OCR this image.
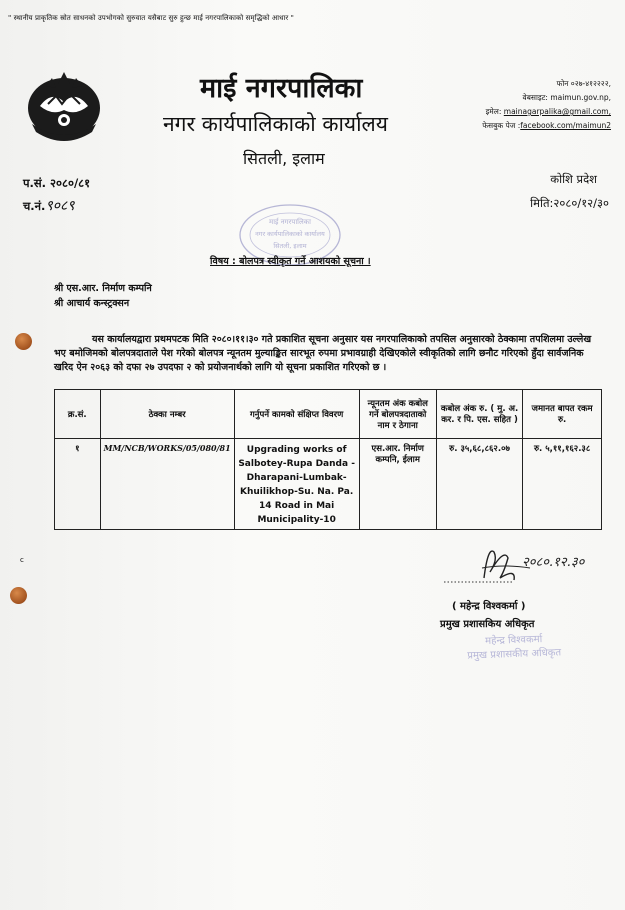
" स्थानीय प्राकृतिक स्रोत साधनको उपभोगको सुरुवात यसैबाट सुरु हुन्छ माई नगरपालिकाको समृद्धिको आधार "
माई नगरपालिका
नगर कार्यपालिकाको कार्यालय
सितली, इलाम
फोन ०२७-४१२२२२,
वेबसाइट: maimun.gov.np,
इमेल: mainagarpalika@gmail.com,
फेसबुक पेज :facebook.com/maimun2
प.सं. २०८०/८१
च.नं.९०८९
कोशि प्रदेश
मिति:२०८०/१२/३०
माई नगरपालिका
नगर कार्यपालिकाको कार्यालय
सितली, इलाम
विषय : बोलपत्र स्वीकृत गर्ने आशयको सूचना ।
श्री एस.आर. निर्माण कम्पनि
श्री आचार्य कन्स्ट्रक्सन
यस कार्यालयद्वारा प्रथमपटक मिति २०८०।११।३० गते प्रकाशित सूचना अनुसार यस नगरपालिकाको तपसिल अनुसारको ठेक्कामा तपशिलमा उल्लेख भए बमोजिमको बोलपत्रदाताले पेश गरेको बोलपत्र न्यूनतम मुल्याङ्कित सारभूत रुपमा प्रभावग्राही देखिएकोले स्वीकृतिको लागि छनौट गरिएको हुँदा सार्वजनिक खरिद ऐन २०६३ को दफा २७ उपदफा २ को प्रयोजनार्थको लागि यो सूचना प्रकाशित गरिएको छ ।
क्र.सं.	ठेक्का नम्बर	गर्नुपर्ने कामको संक्षिप्त विवरण	न्यूनतम अंक कबोल गर्ने बोलपत्रदाताको नाम र ठेगाना	कबोल अंक रु. ( मु. अ. कर. र पि. एस. सहित )	जमानत बापत रकम रु.
१	MM/NCB/WORKS/05/080/81	Upgrading works of Salbotey-Rupa Danda - Dharapani-Lumbak-Khuilikhop-Su. Na. Pa. 14 Road in Mai Municipality-10	एस.आर. निर्माण कम्पनि, ईलाम	रु. ३५,६८,८६२.०७	रु. ५,११,१६२.३८
c	२०८०.१२.३०
( महेन्द्र विश्वकर्मा )
प्रमुख प्रशासकिय अधिकृत
महेन्द्र विश्वकर्मा
प्रमुख प्रशासकीय अधिकृत
